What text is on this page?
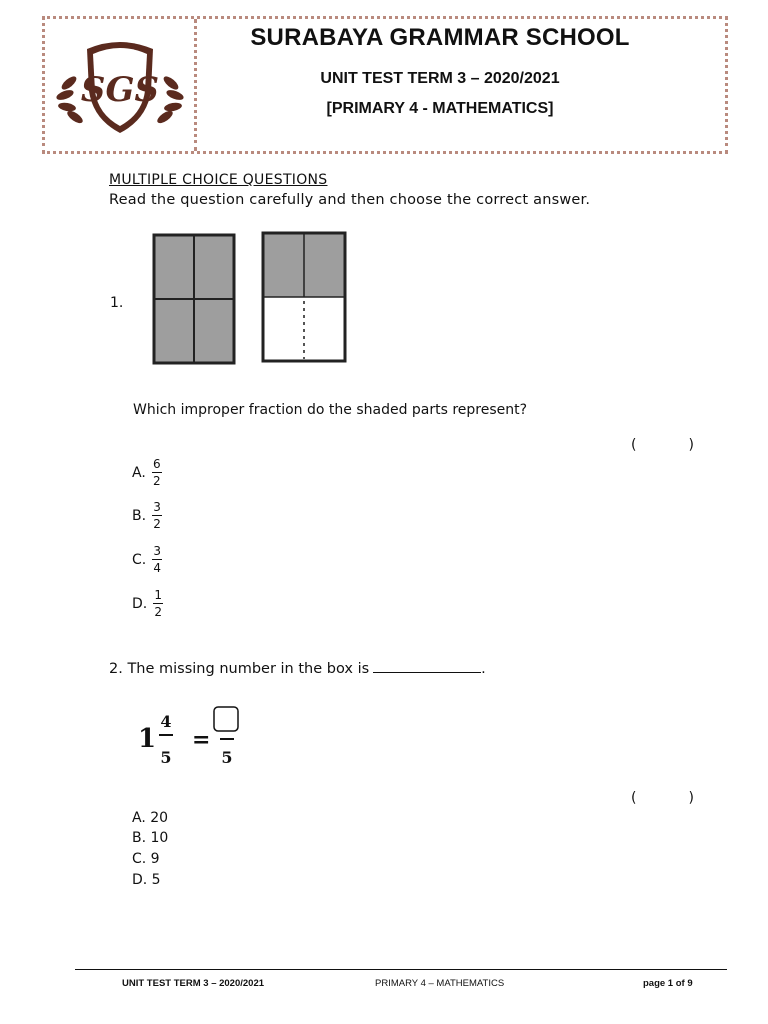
SGS
SURABAYA GRAMMAR SCHOOL
UNIT TEST TERM 3 – 2020/2021
[PRIMARY 4 - MATHEMATICS]
MULTIPLE CHOICE QUESTIONS
Read the question carefully and then choose the correct answer.
1.
Which improper fraction do the shaded parts represent?
(	)
A. $\frac{6}{2}$
B. $\frac{3}{2}$
C. $\frac{3}{4}$
D. $\frac{1}{2}$
2. The missing number in the box is	.
1
4
5
=
5
(	)
A. 20
B. 10
C. 9
D. 5
UNIT TEST TERM 3 – 2020/2021	PRIMARY 4 – MATHEMATICS	page 1 of 9
